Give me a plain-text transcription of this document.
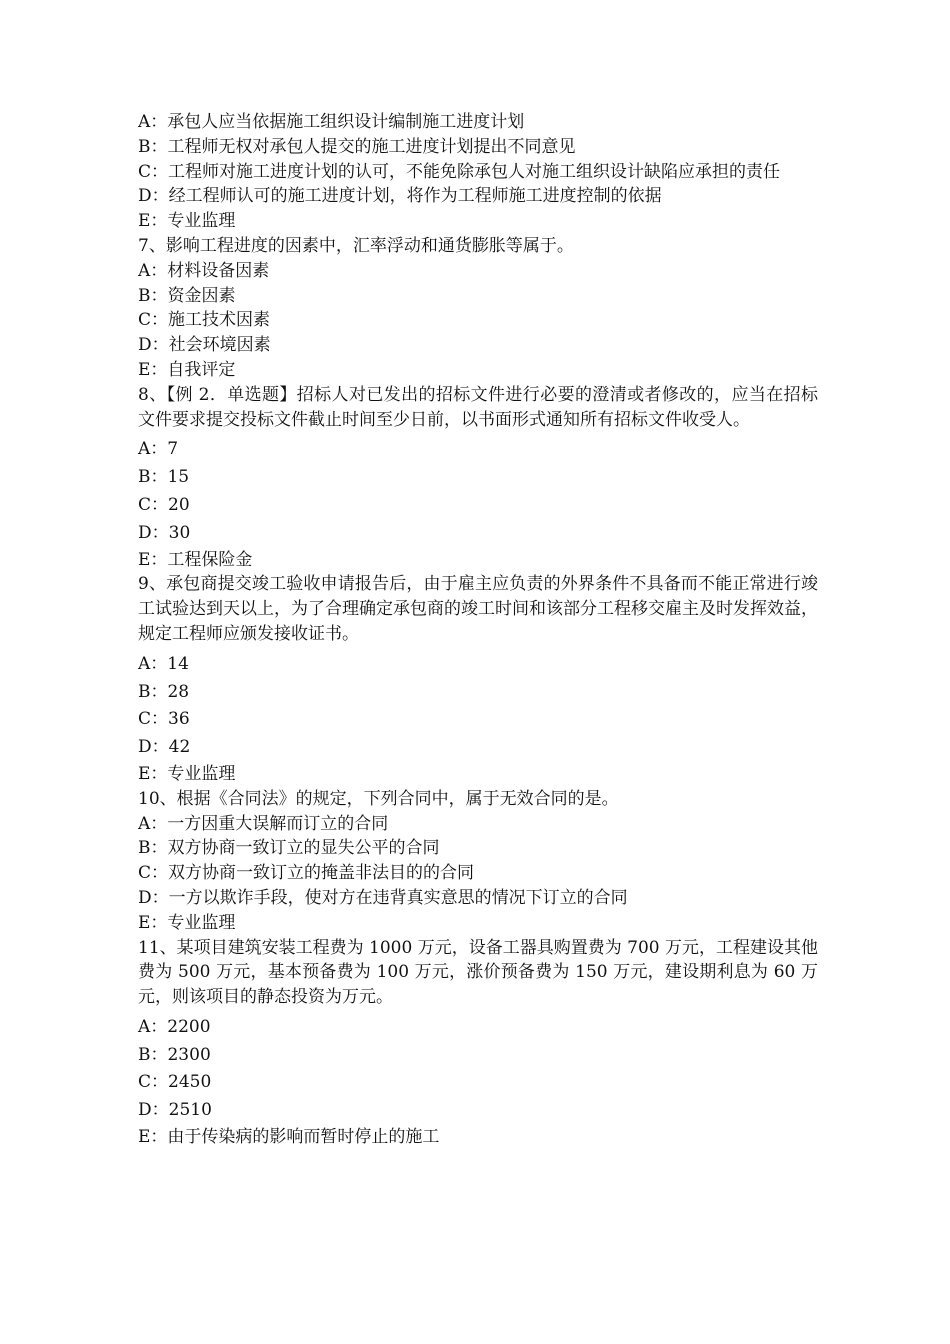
A：承包人应当依据施工组织设计编制施工进度计划
B：工程师无权对承包人提交的施工进度计划提出不同意见
C：工程师对施工进度计划的认可，不能免除承包人对施工组织设计缺陷应承担的责任
D：经工程师认可的施工进度计划，将作为工程师施工进度控制的依据
E：专业监理
7、影响工程进度的因素中，汇率浮动和通货膨胀等属于。
A：材料设备因素
B：资金因素
C：施工技术因素
D：社会环境因素
E：自我评定
8、【例 2．单选题】招标人对已发出的招标文件进行必要的澄清或者修改的，应当在招标文件要求提交投标文件截止时间至少日前，以书面形式通知所有招标文件收受人。
A：7
B：15
C：20
D：30
E：工程保险金
9、承包商提交竣工验收申请报告后，由于雇主应负责的外界条件不具备而不能正常进行竣工试验达到天以上，为了合理确定承包商的竣工时间和该部分工程移交雇主及时发挥效益，规定工程师应颁发接收证书。
A：14
B：28
C：36
D：42
E：专业监理
10、根据《合同法》的规定，下列合同中，属于无效合同的是。
A：一方因重大误解而订立的合同
B：双方协商一致订立的显失公平的合同
C：双方协商一致订立的掩盖非法目的的合同
D：一方以欺诈手段，使对方在违背真实意思的情况下订立的合同
E：专业监理
11、某项目建筑安装工程费为 1000 万元，设备工器具购置费为 700 万元，工程建设其他费为 500 万元，基本预备费为 100 万元，涨价预备费为 150 万元，建设期利息为 60 万元，则该项目的静态投资为万元。
A：2200
B：2300
C：2450
D：2510
E：由于传染病的影响而暂时停止的施工
